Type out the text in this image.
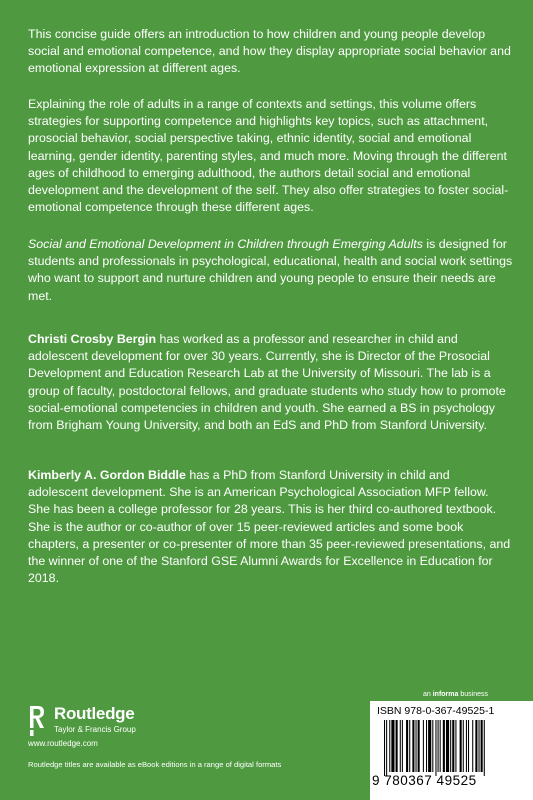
This concise guide offers an introduction to how children and young people develop social and emotional competence, and how they display appropriate social behavior and emotional expression at different ages.

Explaining the role of adults in a range of contexts and settings, this volume offers strategies for supporting competence and highlights key topics, such as attachment, prosocial behavior, social perspective taking, ethnic identity, social and emotional learning, gender identity, parenting styles, and much more. Moving through the different ages of childhood to emerging adulthood, the authors detail social and emotional development and the development of the self. They also offer strategies to foster social-emotional competence through these different ages.

Social and Emotional Development in Children through Emerging Adults is designed for students and professionals in psychological, educational, health and social work settings who want to support and nurture children and young people to ensure their needs are met.

Christi Crosby Bergin has worked as a professor and researcher in child and adolescent development for over 30 years. Currently, she is Director of the Prosocial Development and Education Research Lab at the University of Missouri. The lab is a group of faculty, postdoctoral fellows, and graduate students who study how to promote social-emotional competencies in children and youth. She earned a BS in psychology from Brigham Young University, and both an EdS and PhD from Stanford University.

Kimberly A. Gordon Biddle has a PhD from Stanford University in child and adolescent development. She is an American Psychological Association MFP fellow. She has been a college professor for 28 years. This is her third co-authored textbook. She is the author or co-author of over 15 peer-reviewed articles and some book chapters, a presenter or co-presenter of more than 35 peer-reviewed presentations, and the winner of one of the Stanford GSE Alumni Awards for Excellence in Education for 2018.

an informa business
Routledge
Taylor & Francis Group
www.routledge.com
Routledge titles are available as eBook editions in a range of digital formats
ISBN 978-0-367-49525-1
9 780367 49525
